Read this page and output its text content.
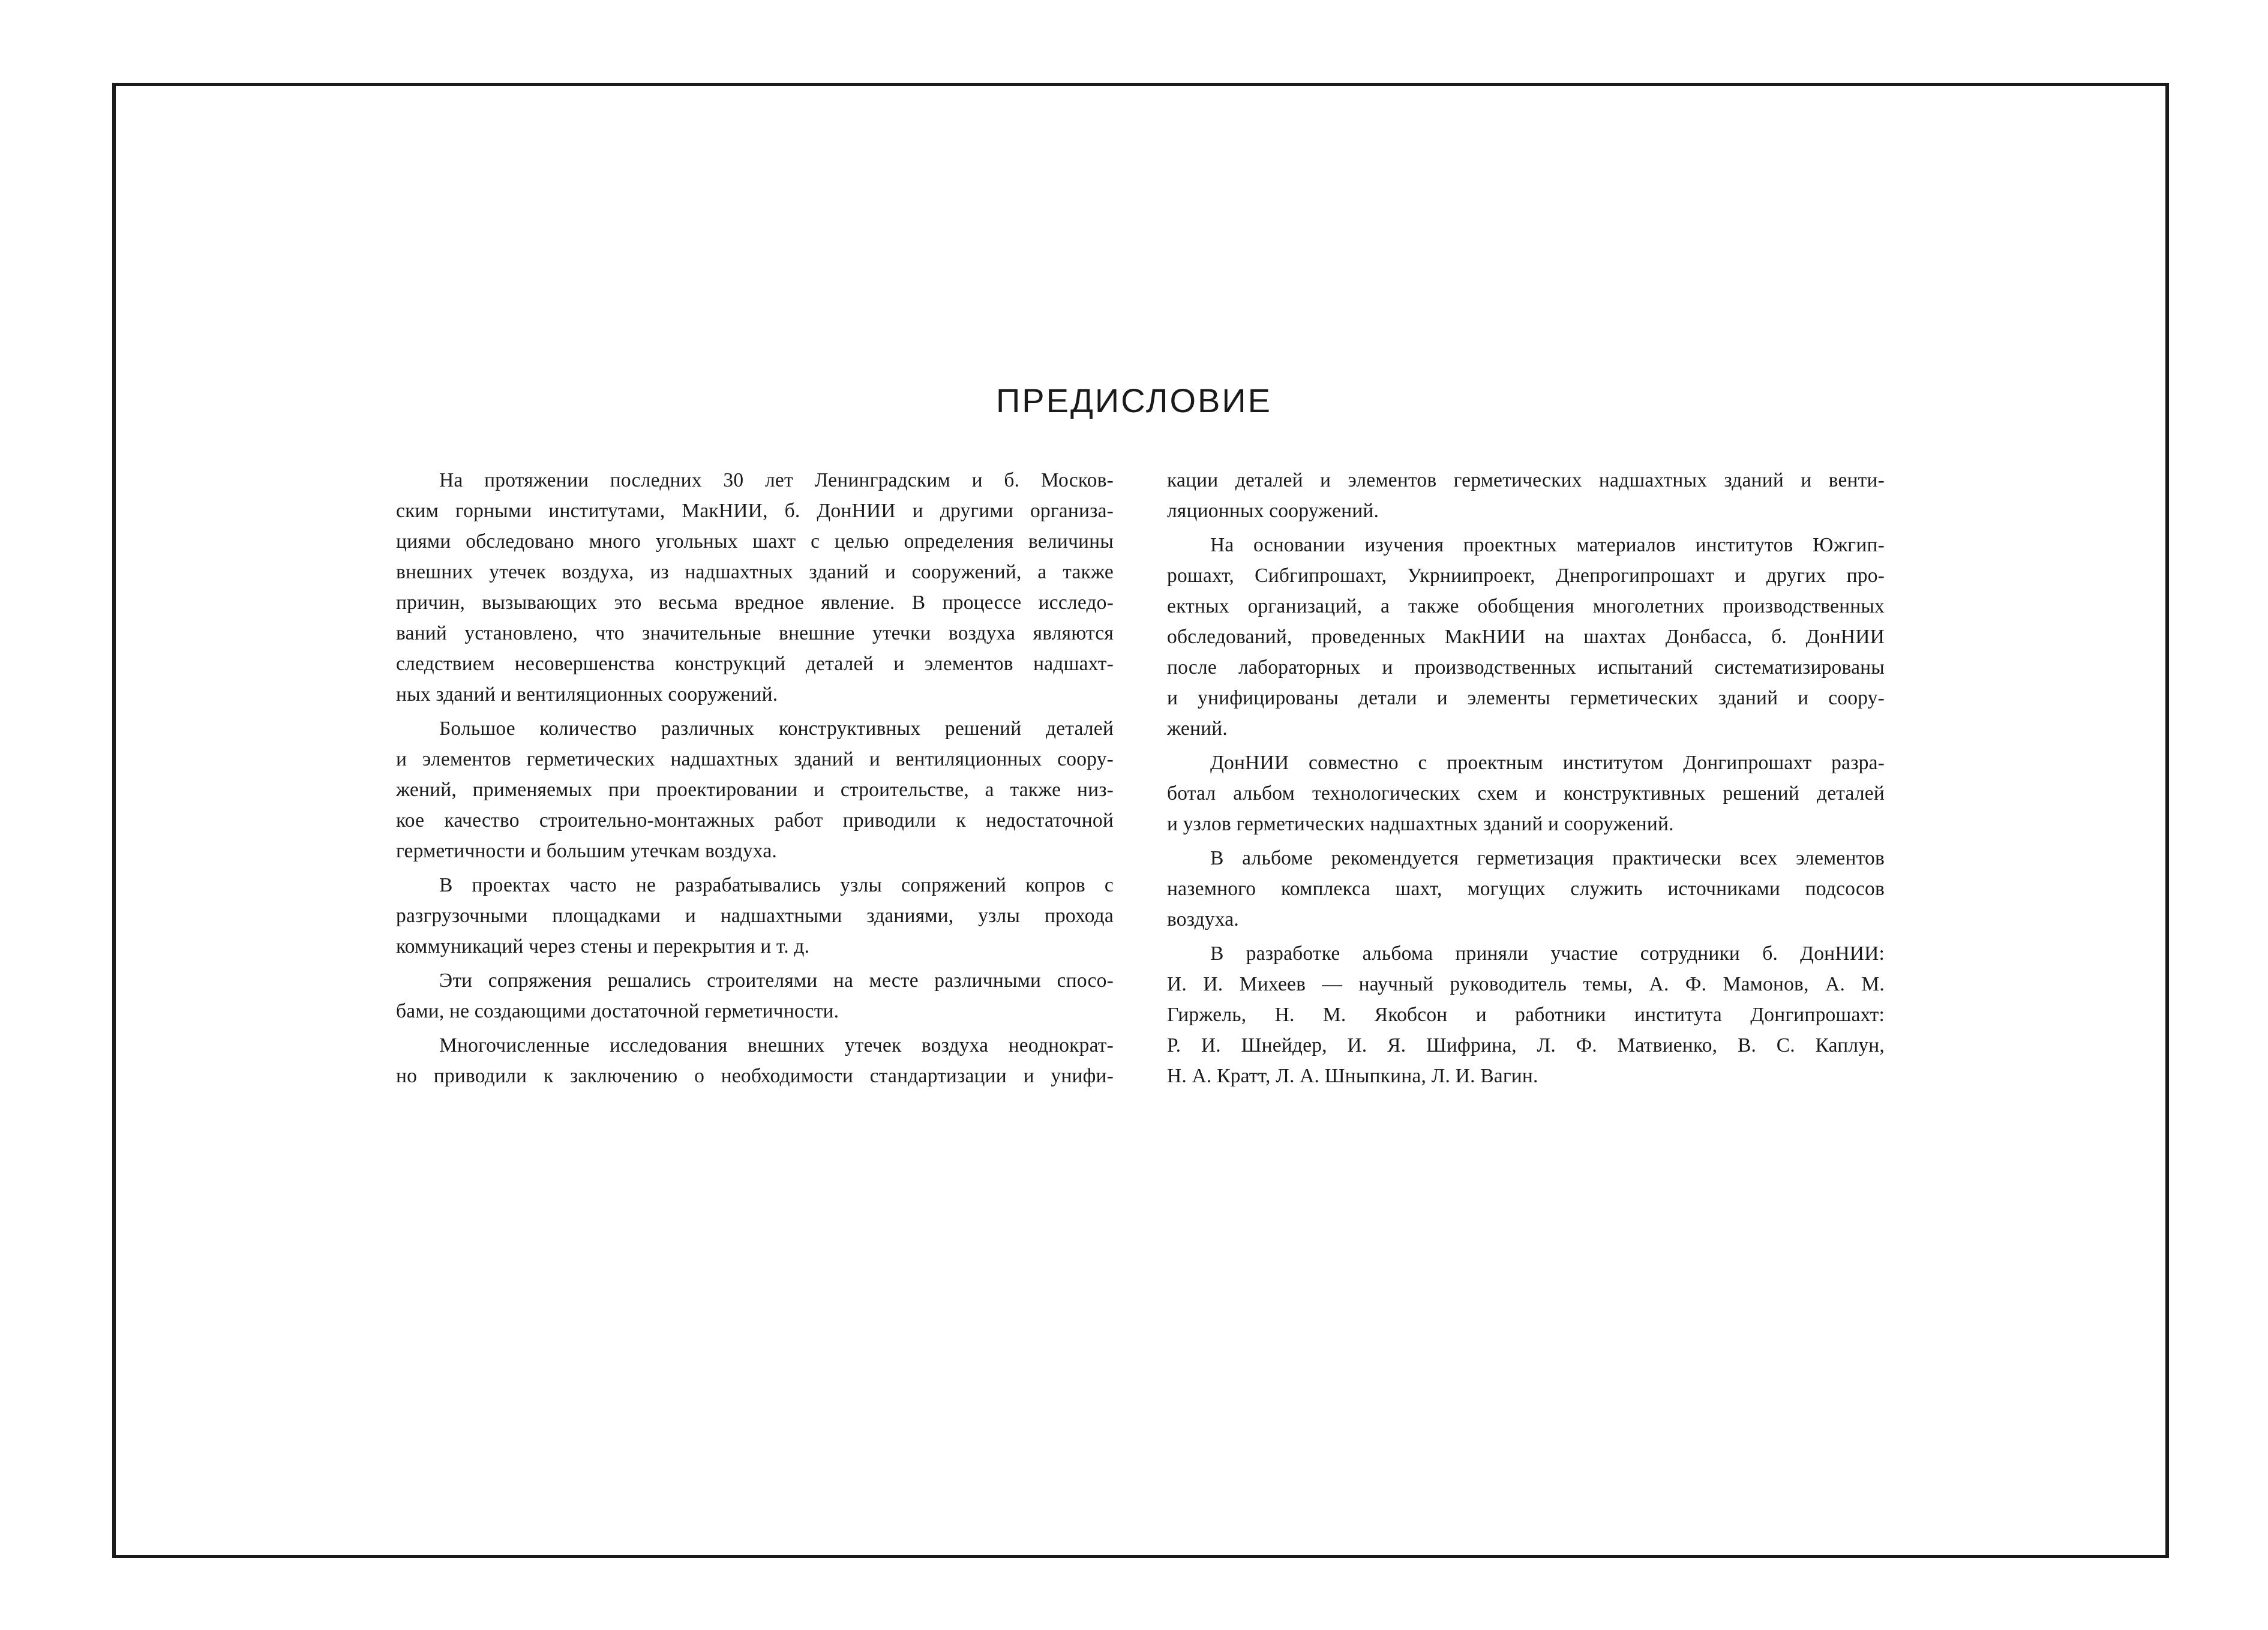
ПРЕДИСЛОВИЕ
На протяжении последних 30 лет Ленинградским и б. Москов-
ским горными институтами, МакНИИ, б. ДонНИИ и другими организа-
циями обследовано много угольных шахт с целью определения величины
внешних утечек воздуха, из надшахтных зданий и сооружений, а также
причин, вызывающих это весьма вредное явление. В процессе исследо-
ваний установлено, что значительные внешние утечки воздуха являются
следствием несовершенства конструкций деталей и элементов надшахт-
ных зданий и вентиляционных сооружений.
Большое количество различных конструктивных решений деталей
и элементов герметических надшахтных зданий и вентиляционных соору-
жений, применяемых при проектировании и строительстве, а также низ-
кое качество строительно-монтажных работ приводили к недостаточной
герметичности и большим утечкам воздуха.
В проектах часто не разрабатывались узлы сопряжений копров с
разгрузочными площадками и надшахтными зданиями, узлы прохода
коммуникаций через стены и перекрытия и т. д.
Эти сопряжения решались строителями на месте различными спосо-
бами, не создающими достаточной герметичности.
Многочисленные исследования внешних утечек воздуха неоднократ-
но приводили к заключению о необходимости стандартизации и унифи-
кации деталей и элементов герметических надшахтных зданий и венти-
ляционных сооружений.
На основании изучения проектных материалов институтов Южгип-
рошахт, Сибгипрошахт, Укрниипроект, Днепрогипрошахт и других про-
ектных организаций, а также обобщения многолетних производственных
обследований, проведенных МакНИИ на шахтах Донбасса, б. ДонНИИ
после лабораторных и производственных испытаний систематизированы
и унифицированы детали и элементы герметических зданий и соору-
жений.
ДонНИИ совместно с проектным институтом Донгипрошахт разра-
ботал альбом технологических схем и конструктивных решений деталей
и узлов герметических надшахтных зданий и сооружений.
В альбоме рекомендуется герметизация практически всех элементов
наземного комплекса шахт, могущих служить источниками подсосов
воздуха.
В разработке альбома приняли участие сотрудники б. ДонНИИ:
И. И. Михеев — научный руководитель темы, А. Ф. Мамонов, А. М.
Гиржель, Н. М. Якобсон и работники института Донгипрошахт:
Р. И. Шнейдер, И. Я. Шифрина, Л. Ф. Матвиенко, В. С. Каплун,
Н. А. Кратт, Л. А. Шныпкина, Л. И. Вагин.
